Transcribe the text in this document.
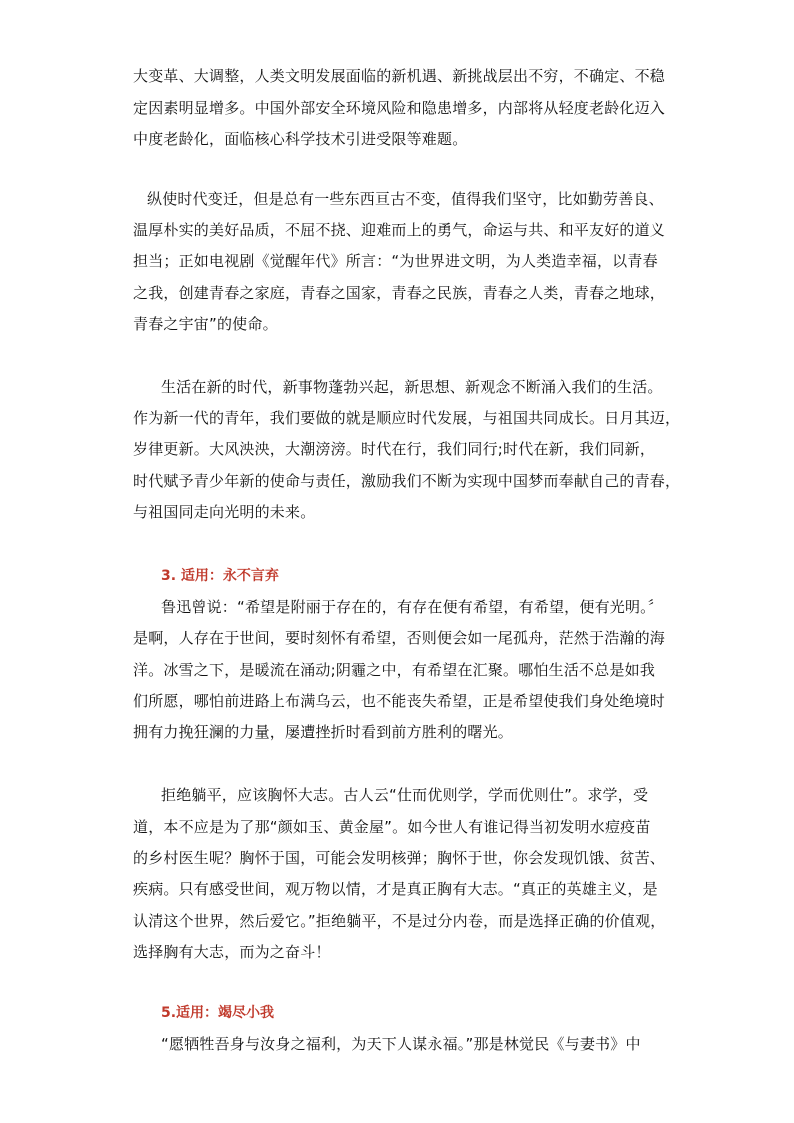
大变革、大调整，人类文明发展面临的新机遇、新挑战层出不穷，不确定、不稳
定因素明显增多。中国外部安全环境风险和隐患增多，内部将从轻度老龄化迈入
中度老龄化，面临核心科学技术引进受限等难题。
纵使时代变迁，但是总有一些东西亘古不变，值得我们坚守，比如勤劳善良、
温厚朴实的美好品质，不屈不挠、迎难而上的勇气，命运与共、和平友好的道义
担当；正如电视剧《觉醒年代》所言：“为世界进文明，为人类造幸福，以青春
之我，创建青春之家庭，青春之国家，青春之民族，青春之人类，青春之地球，
青春之宇宙”的使命。
生活在新的时代，新事物蓬勃兴起，新思想、新观念不断涌入我们的生活。
作为新一代的青年，我们要做的就是顺应时代发展，与祖国共同成长。日月其迈，
岁律更新。大风泱泱，大潮滂滂。时代在行，我们同行;时代在新，我们同新，
时代赋予青少年新的使命与责任，激励我们不断为实现中国梦而奉献自己的青春，
与祖国同走向光明的未来。
3. 适用：永不言弃
鲁迅曾说：“希望是附丽于存在的，有存在便有希望，有希望，便有光明。〞
是啊，人存在于世间，要时刻怀有希望，否则便会如一尾孤舟，茫然于浩瀚的海
洋。冰雪之下，是暖流在涌动;阴霾之中，有希望在汇聚。哪怕生活不总是如我
们所愿，哪怕前进路上布满乌云，也不能丧失希望，正是希望使我们身处绝境时
拥有力挽狂澜的力量，屡遭挫折时看到前方胜利的曙光。
拒绝躺平，应该胸怀大志。古人云“仕而优则学，学而优则仕”。求学，受
道，本不应是为了那“颜如玉、黄金屋”。如今世人有谁记得当初发明水痘疫苗
的乡村医生呢？胸怀于国，可能会发明核弹；胸怀于世，你会发现饥饿、贫苦、
疾病。只有感受世间，观万物以情，才是真正胸有大志。“真正的英雄主义，是
认清这个世界，然后爱它。”拒绝躺平，不是过分内卷，而是选择正确的价值观，
选择胸有大志，而为之奋斗！
5.适用：竭尽小我
“愿牺牲吾身与汝身之福利，为天下人谋永福。”那是林觉民《与妻书》中
